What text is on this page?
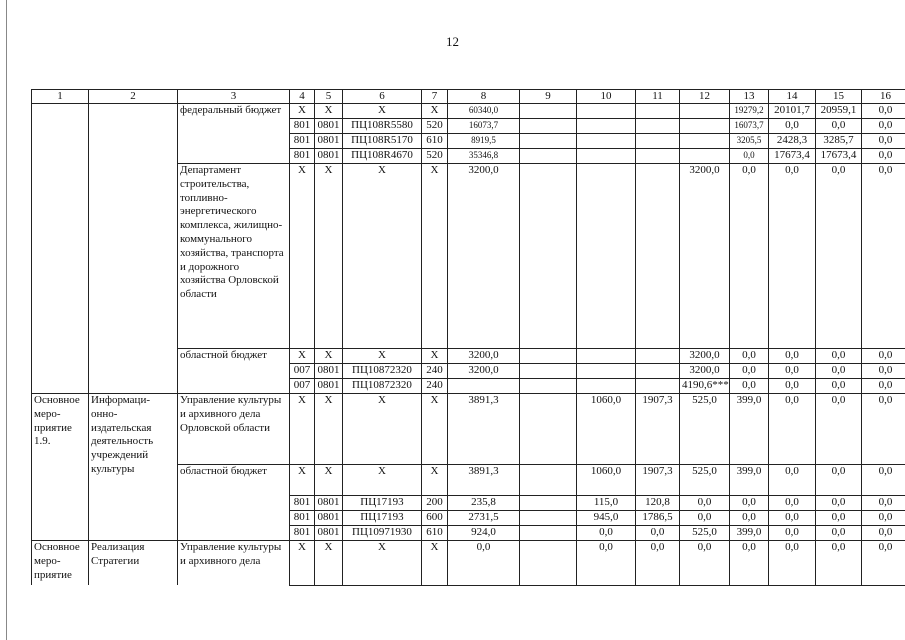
12
1	2	3	4	5	6	7	8	9	10	11	12	13	14	15	16
		федеральный бюджет	X	X	X	X	60340,0					19279,2	20101,7	20959,1	0,0
			801	0801	ПЦ108R5580	520	16073,7					16073,7	0,0	0,0	0,0
			801	0801	ПЦ108R5170	610	8919,5					3205,5	2428,3	3285,7	0,0
			801	0801	ПЦ108R4670	520	35346,8					0,0	17673,4	17673,4	0,0
		Департамент строительства, топливно-энергетического комплекса, жилищно-коммунального хозяйства, транспорта и дорожного хозяйства Орловской области	X	X	X	X	3200,0				3200,0	0,0	0,0	0,0	0,0
		областной бюджет	X	X	X	X	3200,0				3200,0	0,0	0,0	0,0	0,0
			007	0801	ПЦ10872320	240	3200,0				3200,0	0,0	0,0	0,0	0,0
			007	0801	ПЦ10872320	240					4190,6***	0,0	0,0	0,0	0,0
Основное меро-приятие 1.9.	Информаци-онно-издательская деятельность учреждений культуры	Управление культуры и архивного дела Орловской области	X	X	X	X	3891,3		1060,0	1907,3	525,0	399,0	0,0	0,0	0,0
		областной бюджет	X	X	X	X	3891,3		1060,0	1907,3	525,0	399,0	0,0	0,0	0,0
			801	0801	ПЦ17193	200	235,8		115,0	120,8	0,0	0,0	0,0	0,0	0,0
			801	0801	ПЦ17193	600	2731,5		945,0	1786,5	0,0	0,0	0,0	0,0	0,0
			801	0801	ПЦ10971930	610	924,0		0,0	0,0	525,0	399,0	0,0	0,0	0,0
Основное меро-приятие	Реализация Стратегии	Управление культуры и архивного дела	X	X	X	X	0,0		0,0	0,0	0,0	0,0	0,0	0,0	0,0
